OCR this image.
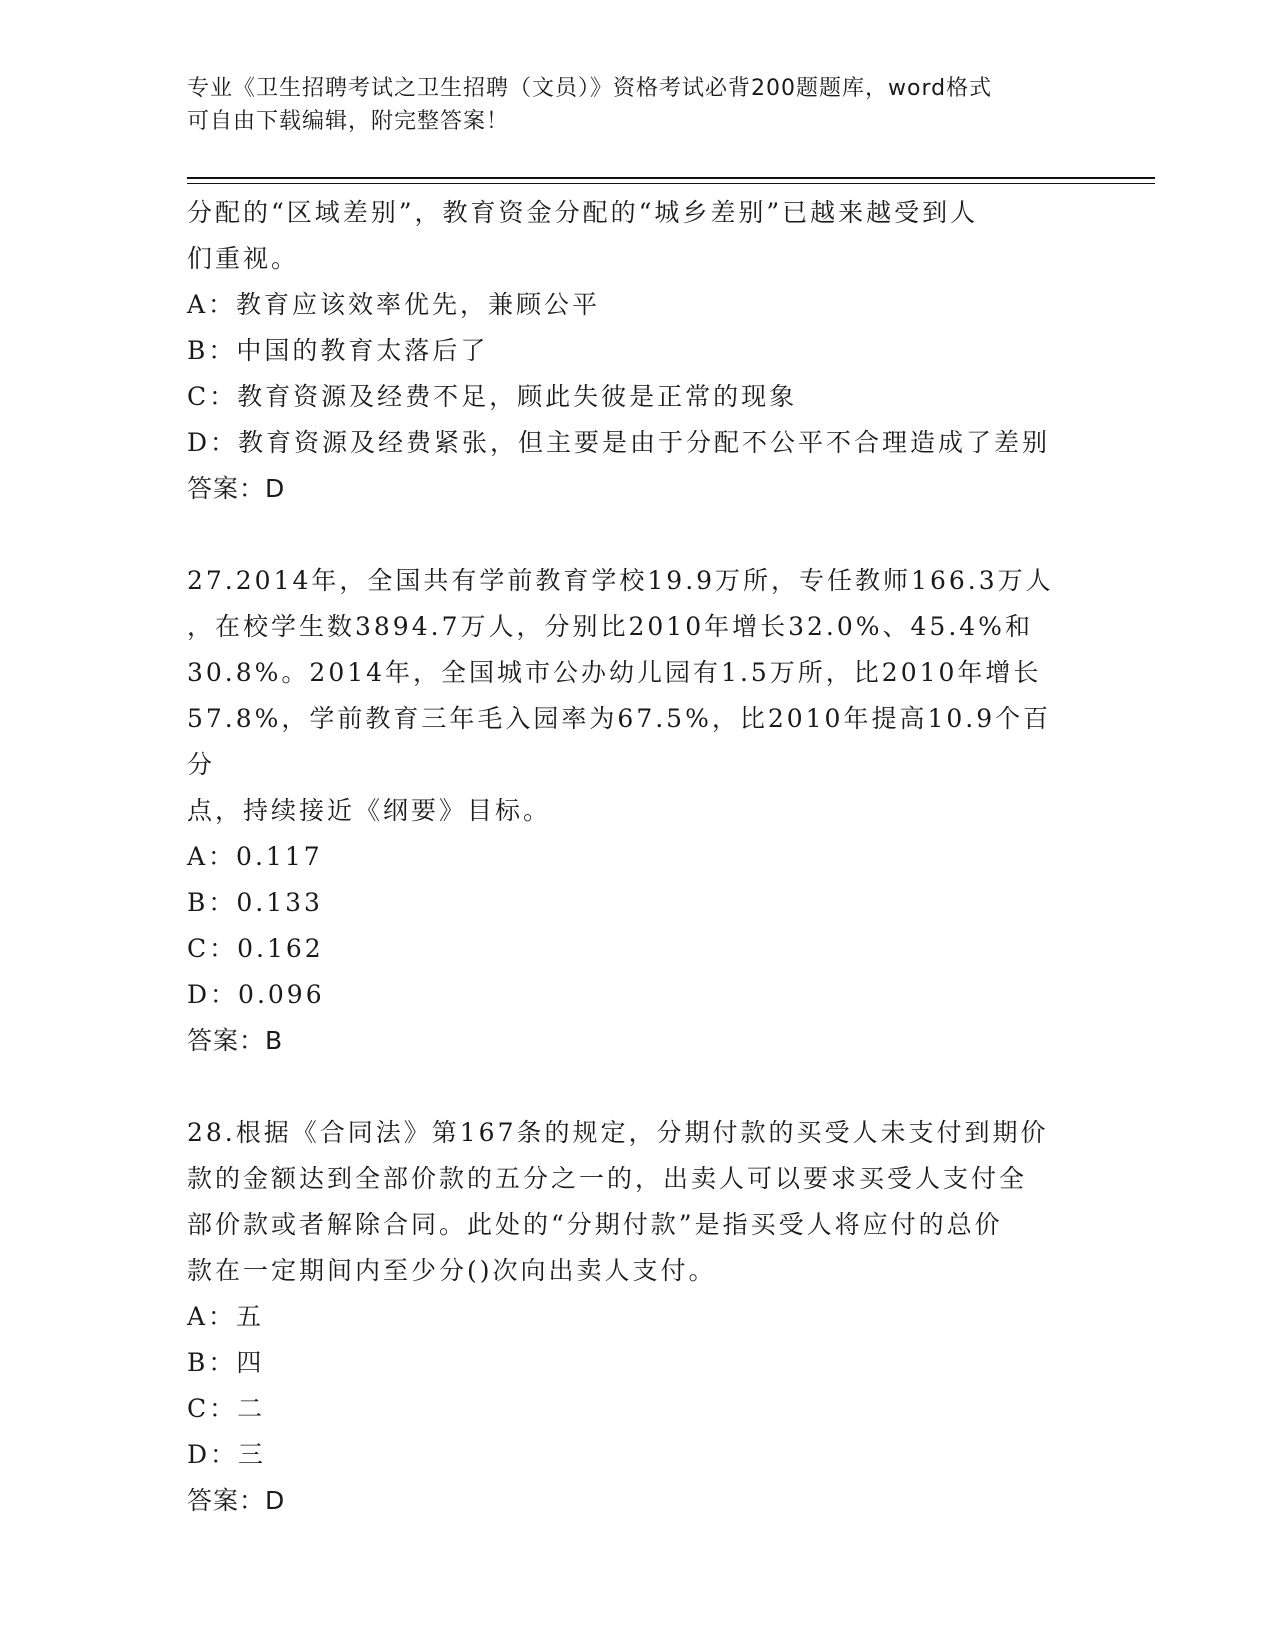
专业《卫生招聘考试之卫生招聘（文员）》资格考试必背200题题库，word格式
可自由下载编辑，附完整答案！

分配的“区域差别”，教育资金分配的“城乡差别”已越来越受到人

们重视。

A：教育应该效率优先，兼顾公平

B：中国的教育太落后了

C：教育资源及经费不足，顾此失彼是正常的现象

D：教育资源及经费紧张，但主要是由于分配不公平不合理造成了差别

答案：D

27.2014年，全国共有学前教育学校19.9万所，专任教师166.3万人

，在校学生数3894.7万人，分别比2010年增长32.0%、45.4%和

30.8%。2014年，全国城市公办幼儿园有1.5万所，比2010年增长

57.8%，学前教育三年毛入园率为67.5%，比2010年提高10.9个百分

点，持续接近《纲要》目标。

A：0.117

B：0.133

C：0.162

D：0.096

答案：B

28.根据《合同法》第167条的规定，分期付款的买受人未支付到期价

款的金额达到全部价款的五分之一的，出卖人可以要求买受人支付全

部价款或者解除合同。此处的“分期付款”是指买受人将应付的总价

款在一定期间内至少分()次向出卖人支付。

A：五

B：四

C：二

D：三

答案：D
